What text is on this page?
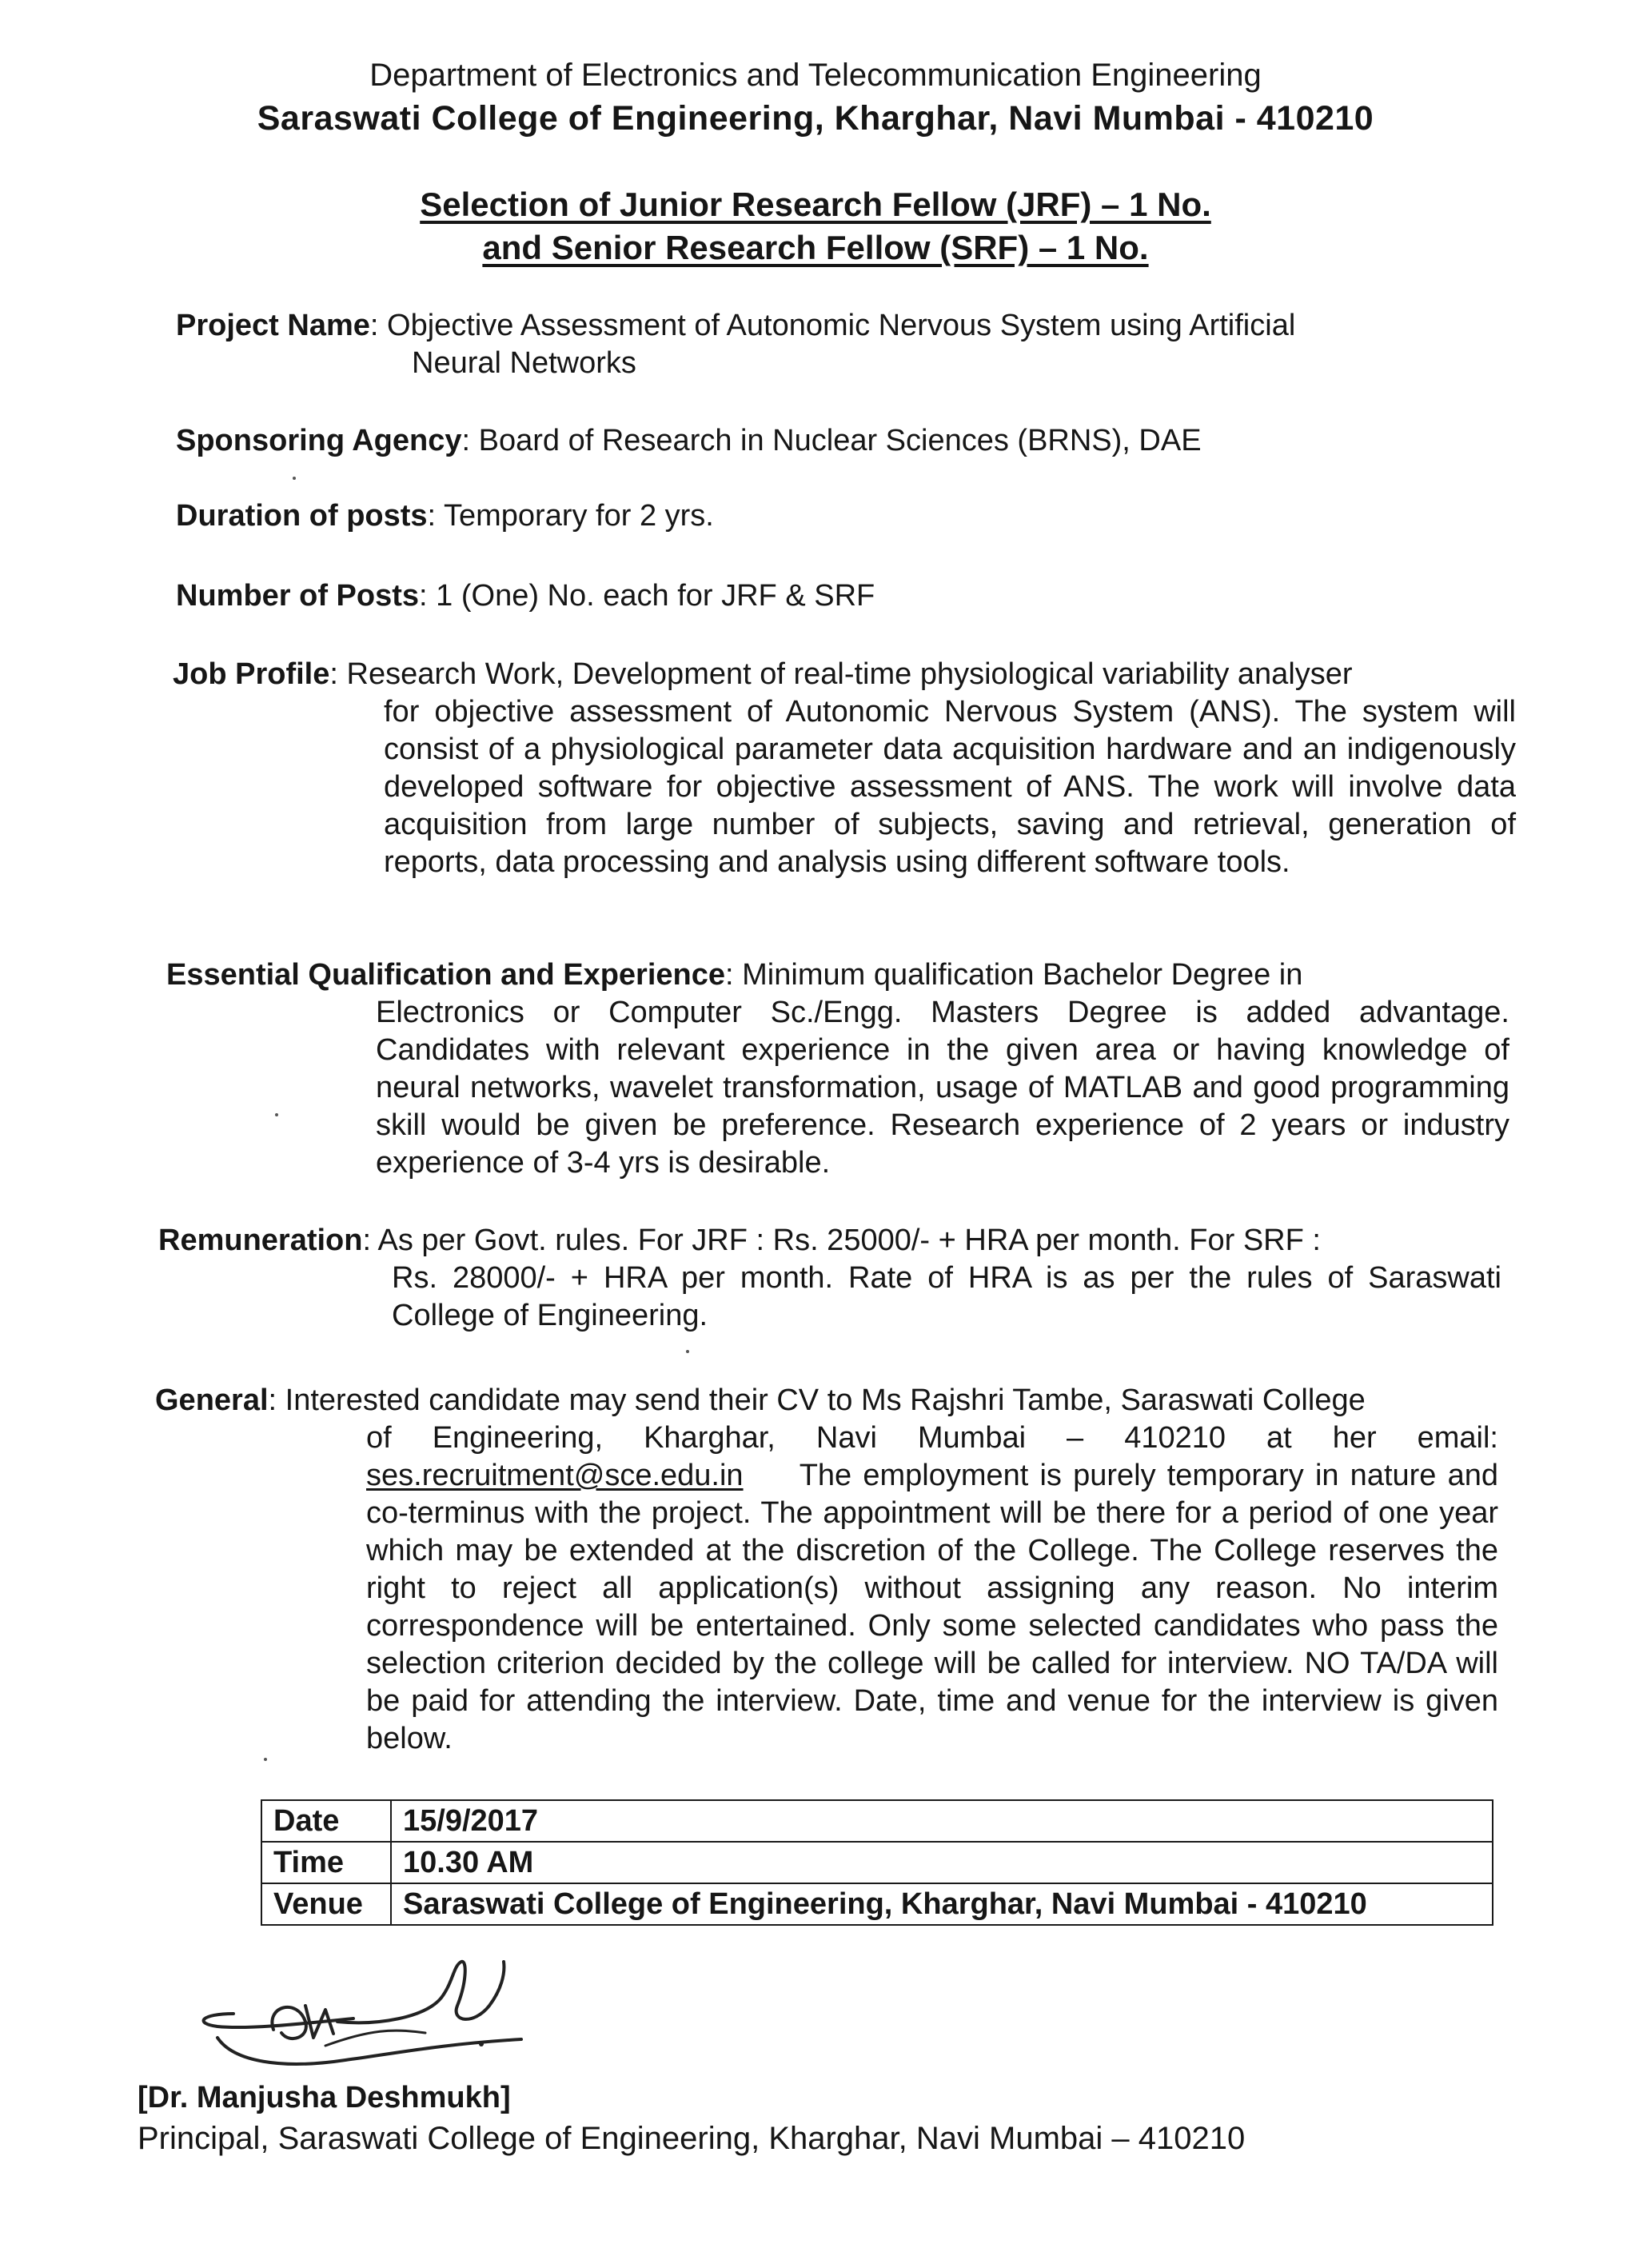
Department of Electronics and Telecommunication Engineering
Saraswati College of Engineering, Kharghar, Navi Mumbai - 410210
Selection of Junior Research Fellow (JRF) – 1 No.
and Senior Research Fellow (SRF) – 1 No.
Project Name: Objective Assessment of Autonomic Nervous System using Artificial
Neural Networks
Sponsoring Agency: Board of Research in Nuclear Sciences (BRNS), DAE
Duration of posts: Temporary for 2 yrs.
Number of Posts: 1 (One) No. each for JRF & SRF
Job Profile: Research Work, Development of real-time physiological variability analyser
for objective assessment of Autonomic Nervous System (ANS). The system will consist of a physiological parameter data acquisition hardware and an indigenously developed software for objective assessment of ANS. The work will involve data acquisition from large number of subjects, saving and retrieval, generation of reports, data processing and analysis using different software tools.
Essential Qualification and Experience: Minimum qualification Bachelor Degree in
Electronics or Computer Sc./Engg. Masters Degree is added advantage. Candidates with relevant experience in the given area or having knowledge of neural networks, wavelet transformation, usage of MATLAB and good programming skill would be given be preference. Research experience of 2 years or industry experience of 3-4 yrs is desirable.
Remuneration: As per Govt. rules. For JRF : Rs. 25000/- + HRA per month. For SRF :
Rs. 28000/- + HRA per month. Rate of HRA is as per the rules of Saraswati College of Engineering.
General: Interested candidate may send their CV to Ms Rajshri Tambe, Saraswati College
of Engineering, Kharghar, Navi Mumbai – 410210 at her email: ses.recruitment@sce.edu.in The employment is purely temporary in nature and co-terminus with the project. The appointment will be there for a period of one year which may be extended at the discretion of the College. The College reserves the right to reject all application(s) without assigning any reason. No interim correspondence will be entertained. Only some selected candidates who pass the selection criterion decided by the college will be called for interview. NO TA/DA will be paid for attending the interview. Date, time and venue for the interview is given below.
Date	15/9/2017
Time	10.30 AM
Venue	Saraswati College of Engineering, Kharghar, Navi Mumbai - 410210
[Dr. Manjusha Deshmukh]
Principal, Saraswati College of Engineering, Kharghar, Navi Mumbai – 410210
